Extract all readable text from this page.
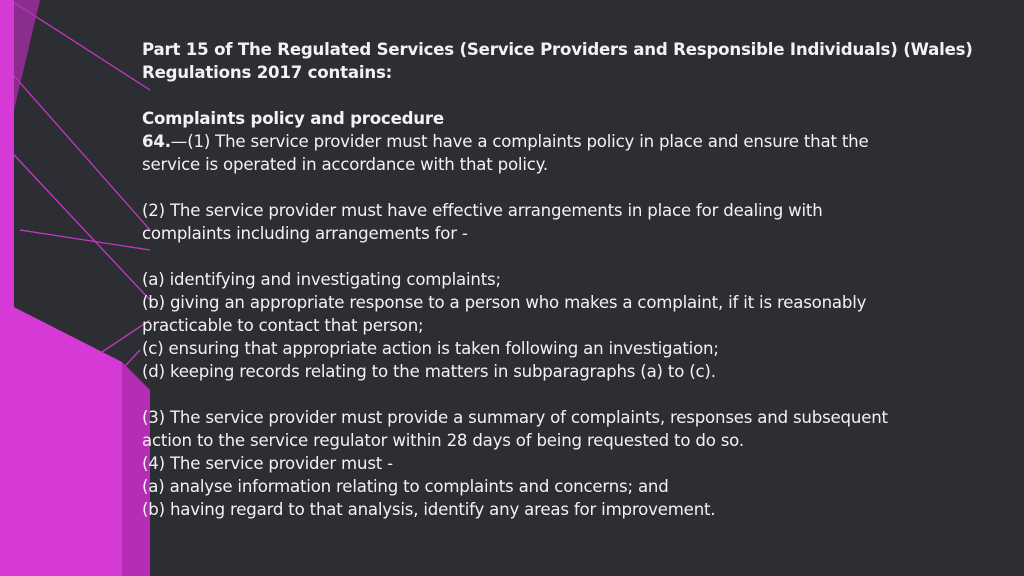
Part 15 of The Regulated Services (Service Providers and Responsible Individuals) (Wales)

Regulations 2017 contains:

Complaints policy and procedure

64.—(1) The service provider must have a complaints policy in place and ensure that the

service is operated in accordance with that policy.

(2) The service provider must have effective arrangements in place for dealing with

complaints including arrangements for -

(a) identifying and investigating complaints;

(b) giving an appropriate response to a person who makes a complaint, if it is reasonably

practicable to contact that person;

(c) ensuring that appropriate action is taken following an investigation;

(d) keeping records relating to the matters in subparagraphs (a) to (c).

(3) The service provider must provide a summary of complaints, responses and subsequent

action to the service regulator within 28 days of being requested to do so.

(4) The service provider must -

(a) analyse information relating to complaints and concerns; and

(b) having regard to that analysis, identify any areas for improvement.
